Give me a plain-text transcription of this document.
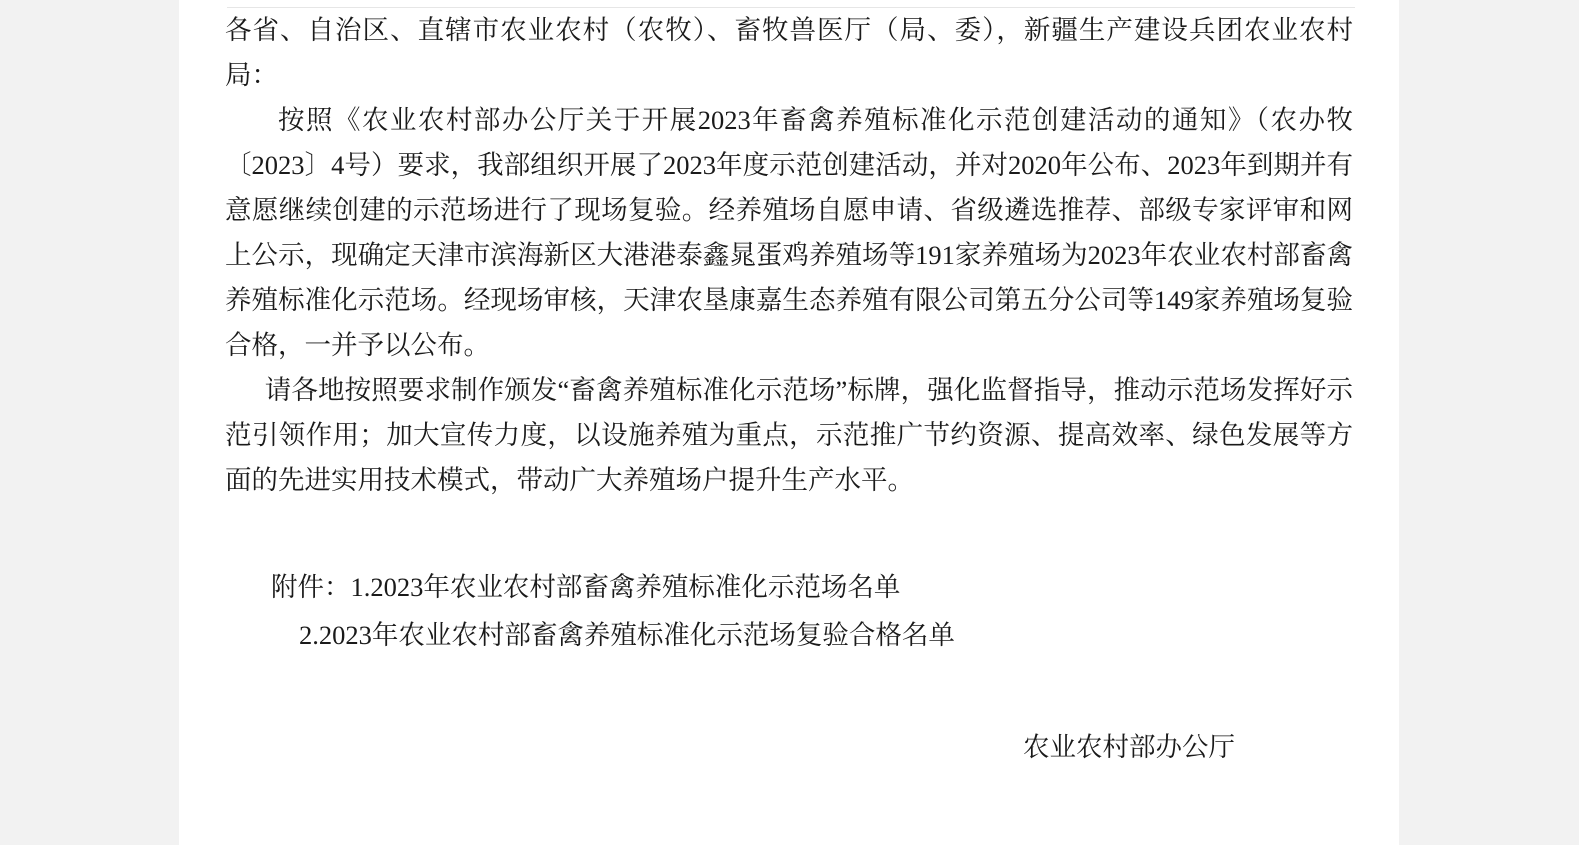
各省、自治区、直辖市农业农村（农牧）、畜牧兽医厅（局、委），新疆生产建设兵团农业农村局：

按照《农业农村部办公厅关于开展2023年畜禽养殖标准化示范创建活动的通知》（农办牧〔2023〕4号）要求，我部组织开展了2023年度示范创建活动，并对2020年公布、2023年到期并有意愿继续创建的示范场进行了现场复验。经养殖场自愿申请、省级遴选推荐、部级专家评审和网上公示，现确定天津市滨海新区大港港泰鑫晁蛋鸡养殖场等191家养殖场为2023年农业农村部畜禽养殖标准化示范场。经现场审核，天津农垦康嘉生态养殖有限公司第五分公司等149家养殖场复验合格，一并予以公布。

请各地按照要求制作颁发“畜禽养殖标准化示范场”标牌，强化监督指导，推动示范场发挥好示范引领作用；加大宣传力度，以设施养殖为重点，示范推广节约资源、提高效率、绿色发展等方面的先进实用技术模式，带动广大养殖场户提升生产水平。

附件：1.2023年农业农村部畜禽养殖标准化示范场名单
2.2023年农业农村部畜禽养殖标准化示范场复验合格名单
农业农村部办公厅
